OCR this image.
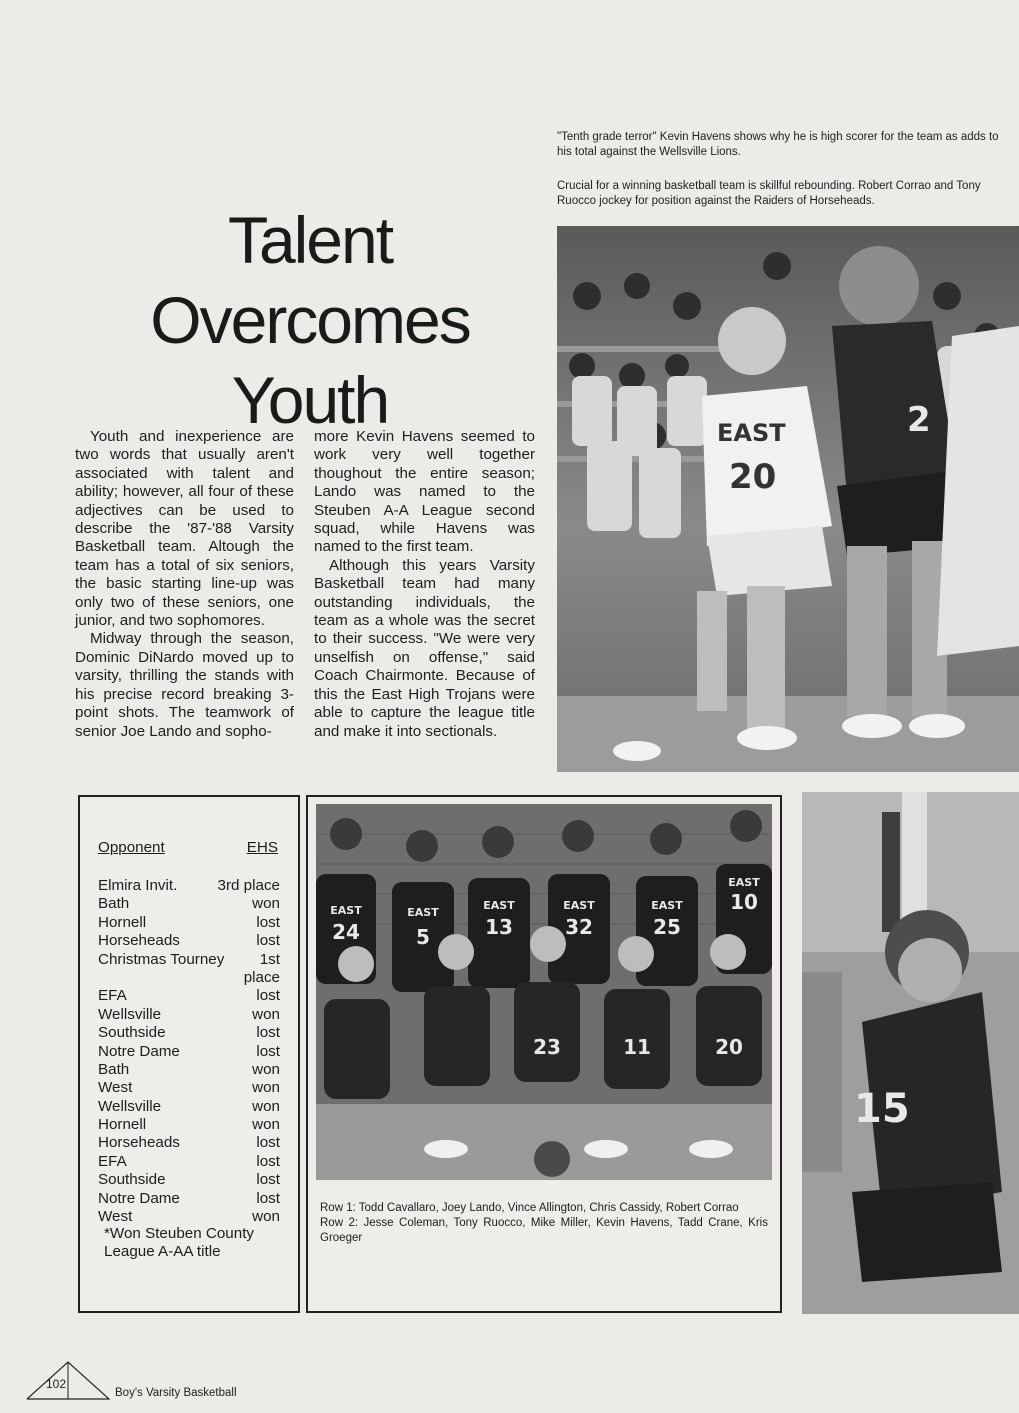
"Tenth grade terror" Kevin Havens shows why he is high scorer for the team as adds to his total against the Wellsville Lions.
Crucial for a winning basketball team is skillful rebounding. Robert Corrao and Tony Ruocco jockey for position against the Raiders of Horseheads.
Talent
Overcomes
Youth

Youth and inexperience are two words that usually aren't associated with talent and ability; however, all four of these adjectives can be used to describe the '87-'88 Varsity Basketball team. Altough the team has a total of six seniors, the basic starting line-up was only two of these seniors, one junior, and two sophomores.

Midway through the season, Dominic DiNardo moved up to varsity, thrilling the stands with his precise record breaking 3-point shots. The teamwork of senior Joe Lando and sopho-

more Kevin Havens seemed to work very well together thoughout the entire season; Lando was named to the Steuben A-A League second squad, while Havens was named to the first team.

Although this years Varsity Basketball team had many outstanding individuals, the team as a whole was the secret to their success. "We were very unselfish on offense," said Coach Chairmonte. Because of this the East High Trojans were able to capture the league title and make it into sectionals.

EAST
20
2
Opponent	EHS
Elmira Invit.	3rd place
Bath	won
Hornell	lost
Horseheads	lost
Christmas Tourney 1st
place
EFA	lost
Wellsville	won
Southside	lost
Notre Dame	lost
Bath	won
West	won
Wellsville	won
Hornell	won
Horseheads	lost
EFA	lost
Southside	lost
Notre Dame	lost
West	won
*Won Steuben County League A-AA title
24	5	13	32	25
10
23	11	20
EAST	EAST
EAST	EAST	EAST
EAST
Row 1: Todd Cavallaro, Joey Lando, Vince Allington, Chris Cassidy, Robert Corrao
Row 2: Jesse Coleman, Tony Ruocco, Mike Miller, Kevin Havens, Tadd Crane, Kris Groeger
15
102
Boy's Varsity Basketball
